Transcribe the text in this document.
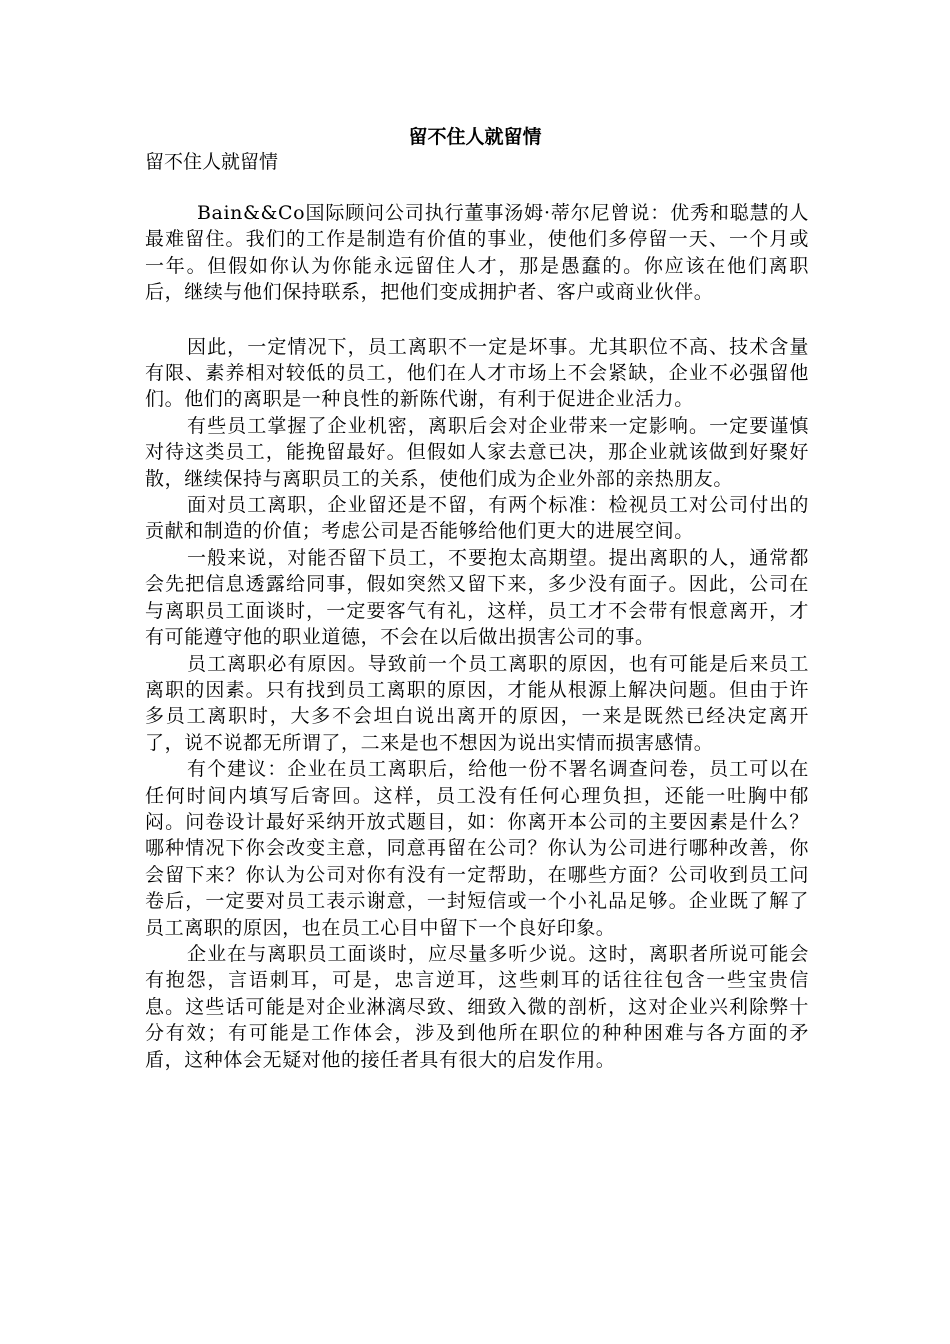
留不住人就留情

留不住人就留情

Bain&&Co国际顾问公司执行董事汤姆·蒂尔尼曾说：优秀和聪慧的人最难留住。我们的工作是制造有价值的事业，使他们多停留一天、一个月或一年。但假如你认为你能永远留住人才，那是愚蠢的。你应该在他们离职后，继续与他们保持联系，把他们变成拥护者、客户或商业伙伴。

因此，一定情况下，员工离职不一定是坏事。尤其职位不高、技术含量有限、素养相对较低的员工，他们在人才市场上不会紧缺，企业不必强留他们。他们的离职是一种良性的新陈代谢，有利于促进企业活力。

有些员工掌握了企业机密，离职后会对企业带来一定影响。一定要谨慎对待这类员工，能挽留最好。但假如人家去意已决，那企业就该做到好聚好散，继续保持与离职员工的关系，使他们成为企业外部的亲热朋友。

面对员工离职，企业留还是不留，有两个标准：检视员工对公司付出的贡献和制造的价值；考虑公司是否能够给他们更大的进展空间。

一般来说，对能否留下员工，不要抱太高期望。提出离职的人，通常都会先把信息透露给同事，假如突然又留下来，多少没有面子。因此，公司在与离职员工面谈时，一定要客气有礼，这样，员工才不会带有恨意离开，才有可能遵守他的职业道德，不会在以后做出损害公司的事。

员工离职必有原因。导致前一个员工离职的原因，也有可能是后来员工离职的因素。只有找到员工离职的原因，才能从根源上解决问题。但由于许多员工离职时，大多不会坦白说出离开的原因，一来是既然已经决定离开了，说不说都无所谓了，二来是也不想因为说出实情而损害感情。

有个建议：企业在员工离职后，给他一份不署名调查问卷，员工可以在任何时间内填写后寄回。这样，员工没有任何心理负担，还能一吐胸中郁闷。问卷设计最好采纳开放式题目，如：你离开本公司的主要因素是什么？哪种情况下你会改变主意，同意再留在公司？你认为公司进行哪种改善，你会留下来？你认为公司对你有没有一定帮助，在哪些方面？公司收到员工问卷后，一定要对员工表示谢意，一封短信或一个小礼品足够。企业既了解了员工离职的原因，也在员工心目中留下一个良好印象。

企业在与离职员工面谈时，应尽量多听少说。这时，离职者所说可能会有抱怨，言语刺耳，可是，忠言逆耳，这些刺耳的话往往包含一些宝贵信息。这些话可能是对企业淋漓尽致、细致入微的剖析，这对企业兴利除弊十分有效；有可能是工作体会，涉及到他所在职位的种种困难与各方面的矛盾，这种体会无疑对他的接任者具有很大的启发作用。
